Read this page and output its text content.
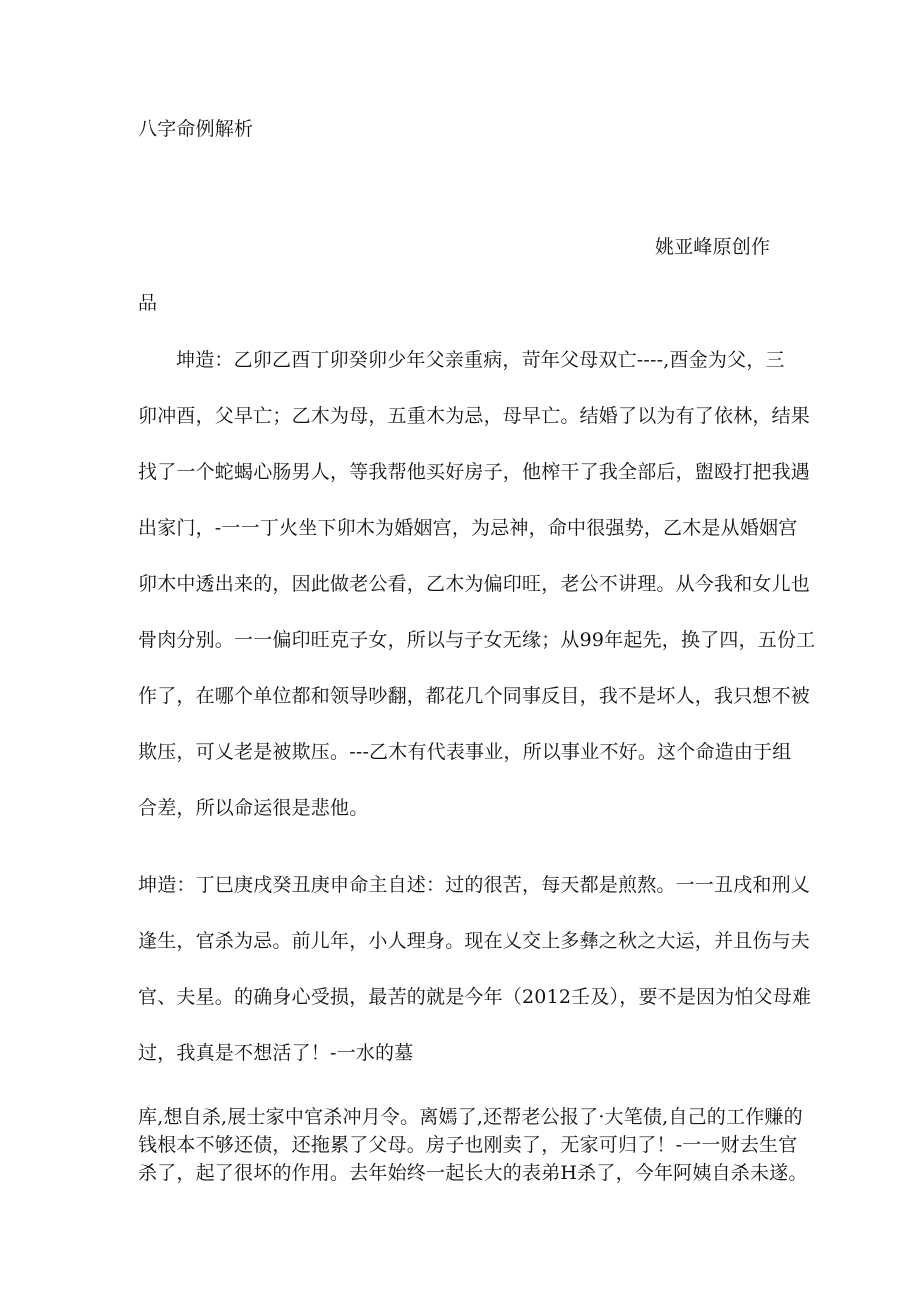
八字命例解析
姚亚峰原创作
品
坤造：乙卯乙酉丁卯癸卯少年父亲重病，苛年父母双亡----,酉金为父，三
卯冲酉，父早亡；乙木为母，五重木为忌，母早亡。结婚了以为有了依林，结果
找了一个蛇蝎心肠男人，等我帮他买好房子，他榨干了我全部后，盥殴打把我遇
出家门，-一一丁火坐下卯木为婚姻宫，为忌神，命中很强势，乙木是从婚姻宫
卯木中透出来的，因此做老公看，乙木为偏印旺，老公不讲理。从今我和女儿也
骨肉分别。一一偏印旺克子女，所以与子女无缘；从99年起先，换了四，五份工
作了，在哪个单位都和领导吵翻，都花几个同事反目，我不是坏人，我只想不被
欺压，可乂老是被欺压。---乙木有代表事业，所以事业不好。这个命造由于组
合差，所以命运很是悲他。
坤造：丁巳庚戌癸丑庚申命主自述：过的很苦，每天都是煎熬。一一丑戌和刑乂
逢生，官杀为忌。前儿年，小人理身。现在乂交上多彝之秋之大运，并且伤与夫
官、夫星。的确身心受损，最苦的就是今年（2012壬及），要不是因为怕父母难
过，我真是不想活了！-一水的墓
库,想自杀,展士家中官杀冲月令。离嫣了,还帮老公报了·大笔债,自己的工作赚的
钱根本不够还债，还拖累了父母。房子也刚卖了，无家可归了！-一一财去生官
杀了，起了很坏的作用。去年始终一起长大的表弟H杀了，今年阿姨自杀未遂。
